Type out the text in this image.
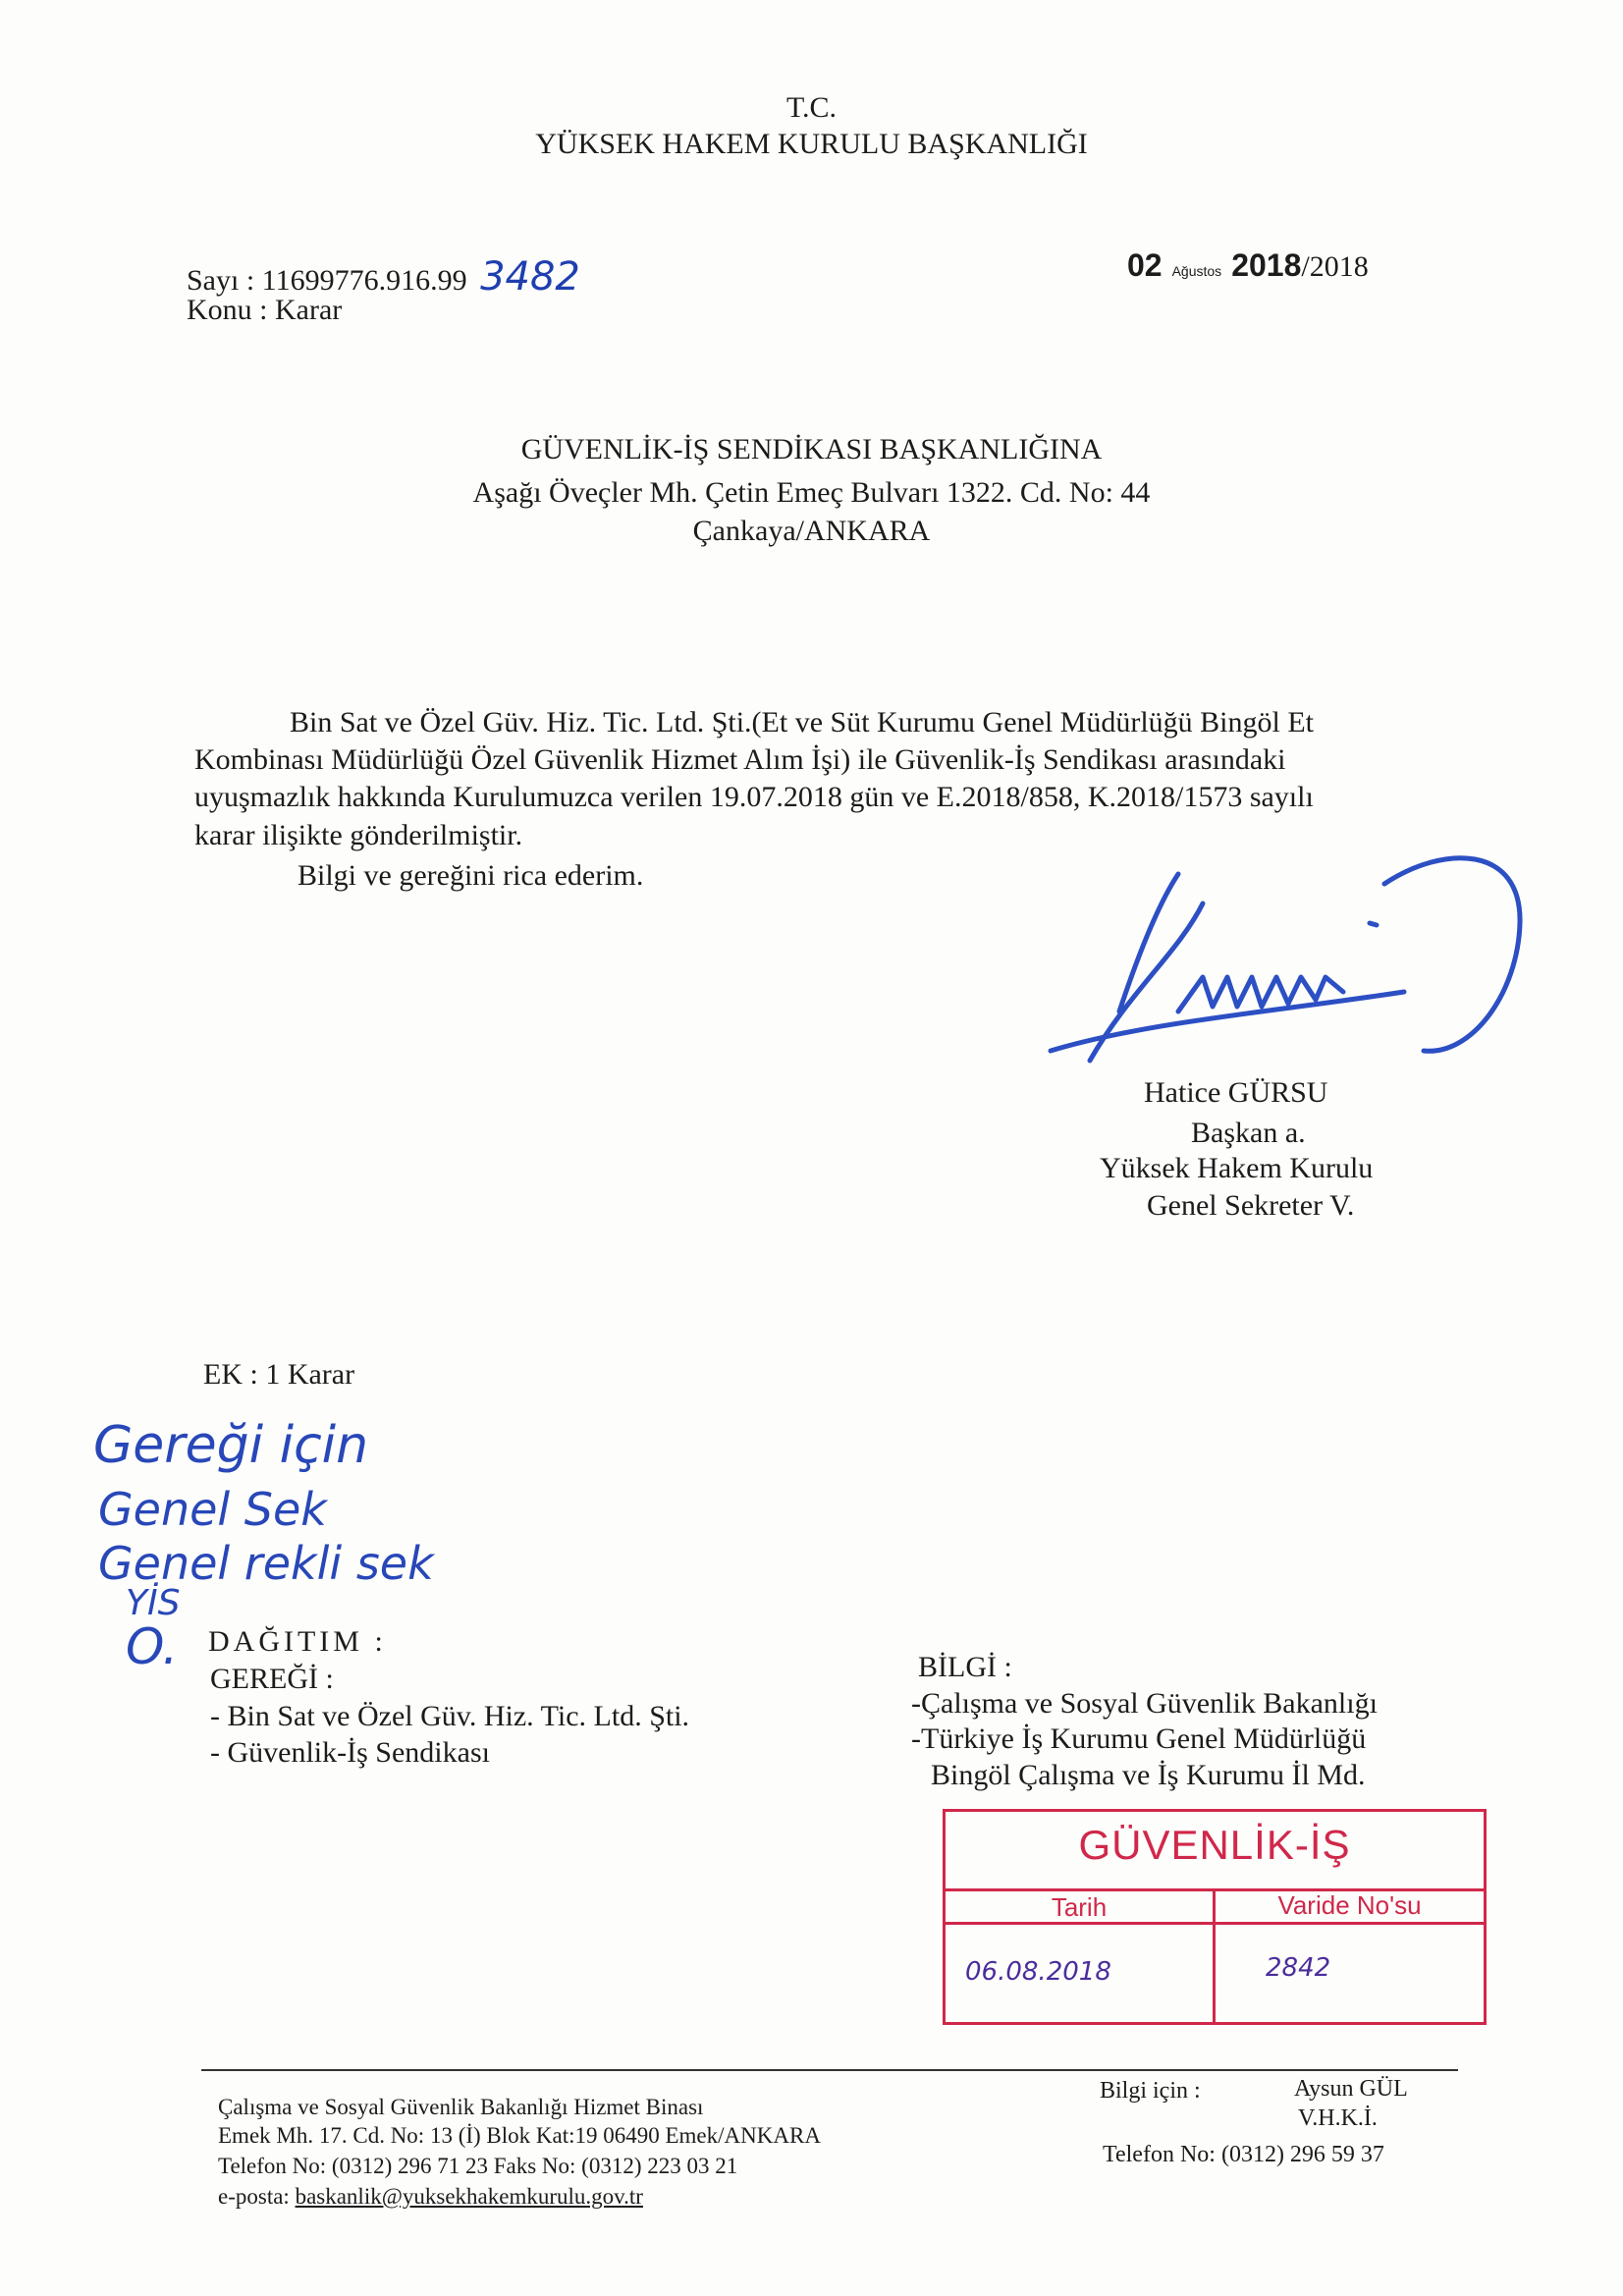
T.C.
YÜKSEK HAKEM KURULU BAŞKANLIĞI
Sayı : 11699776.916.99 3482
Konu : Karar
02 Ağustos 2018/2018
GÜVENLİK-İŞ SENDİKASI BAŞKANLIĞINA
Aşağı Öveçler Mh. Çetin Emeç Bulvarı 1322. Cd. No: 44
Çankaya/ANKARA
Bin Sat ve Özel Güv. Hiz. Tic. Ltd. Şti.(Et ve Süt Kurumu Genel Müdürlüğü Bingöl Et
Kombinası Müdürlüğü Özel Güvenlik Hizmet Alım İşi) ile Güvenlik-İş Sendikası arasındaki
uyuşmazlık hakkında Kurulumuzca verilen 19.07.2018 gün ve E.2018/858, K.2018/1573 sayılı
karar ilişikte gönderilmiştir.
Bilgi ve gereğini rica ederim.
Hatice GÜRSU
Başkan a.
Yüksek Hakem Kurulu
Genel Sekreter V.
EK : 1 Karar
Gereği için
Genel Sek
Genel rekli sek
YİS
O. DAĞITIM :
GEREĞİ :
- Bin Sat ve Özel Güv. Hiz. Tic. Ltd. Şti.
- Güvenlik-İş Sendikası
BİLGİ :
-Çalışma ve Sosyal Güvenlik Bakanlığı
-Türkiye İş Kurumu Genel Müdürlüğü
Bingöl Çalışma ve İş Kurumu İl Md.
GÜVENLİK-İŞ
Tarih	Varide No'su
06.08.2018	2842
Çalışma ve Sosyal Güvenlik Bakanlığı Hizmet Binası
Emek Mh. 17. Cd. No: 13 (İ) Blok Kat:19 06490 Emek/ANKARA
Telefon No: (0312) 296 71 23 Faks No: (0312) 223 03 21
e-posta: baskanlik@yuksekhakemkurulu.gov.tr
Bilgi için :	Aysun GÜL
V.H.K.İ.
Telefon No: (0312) 296 59 37
